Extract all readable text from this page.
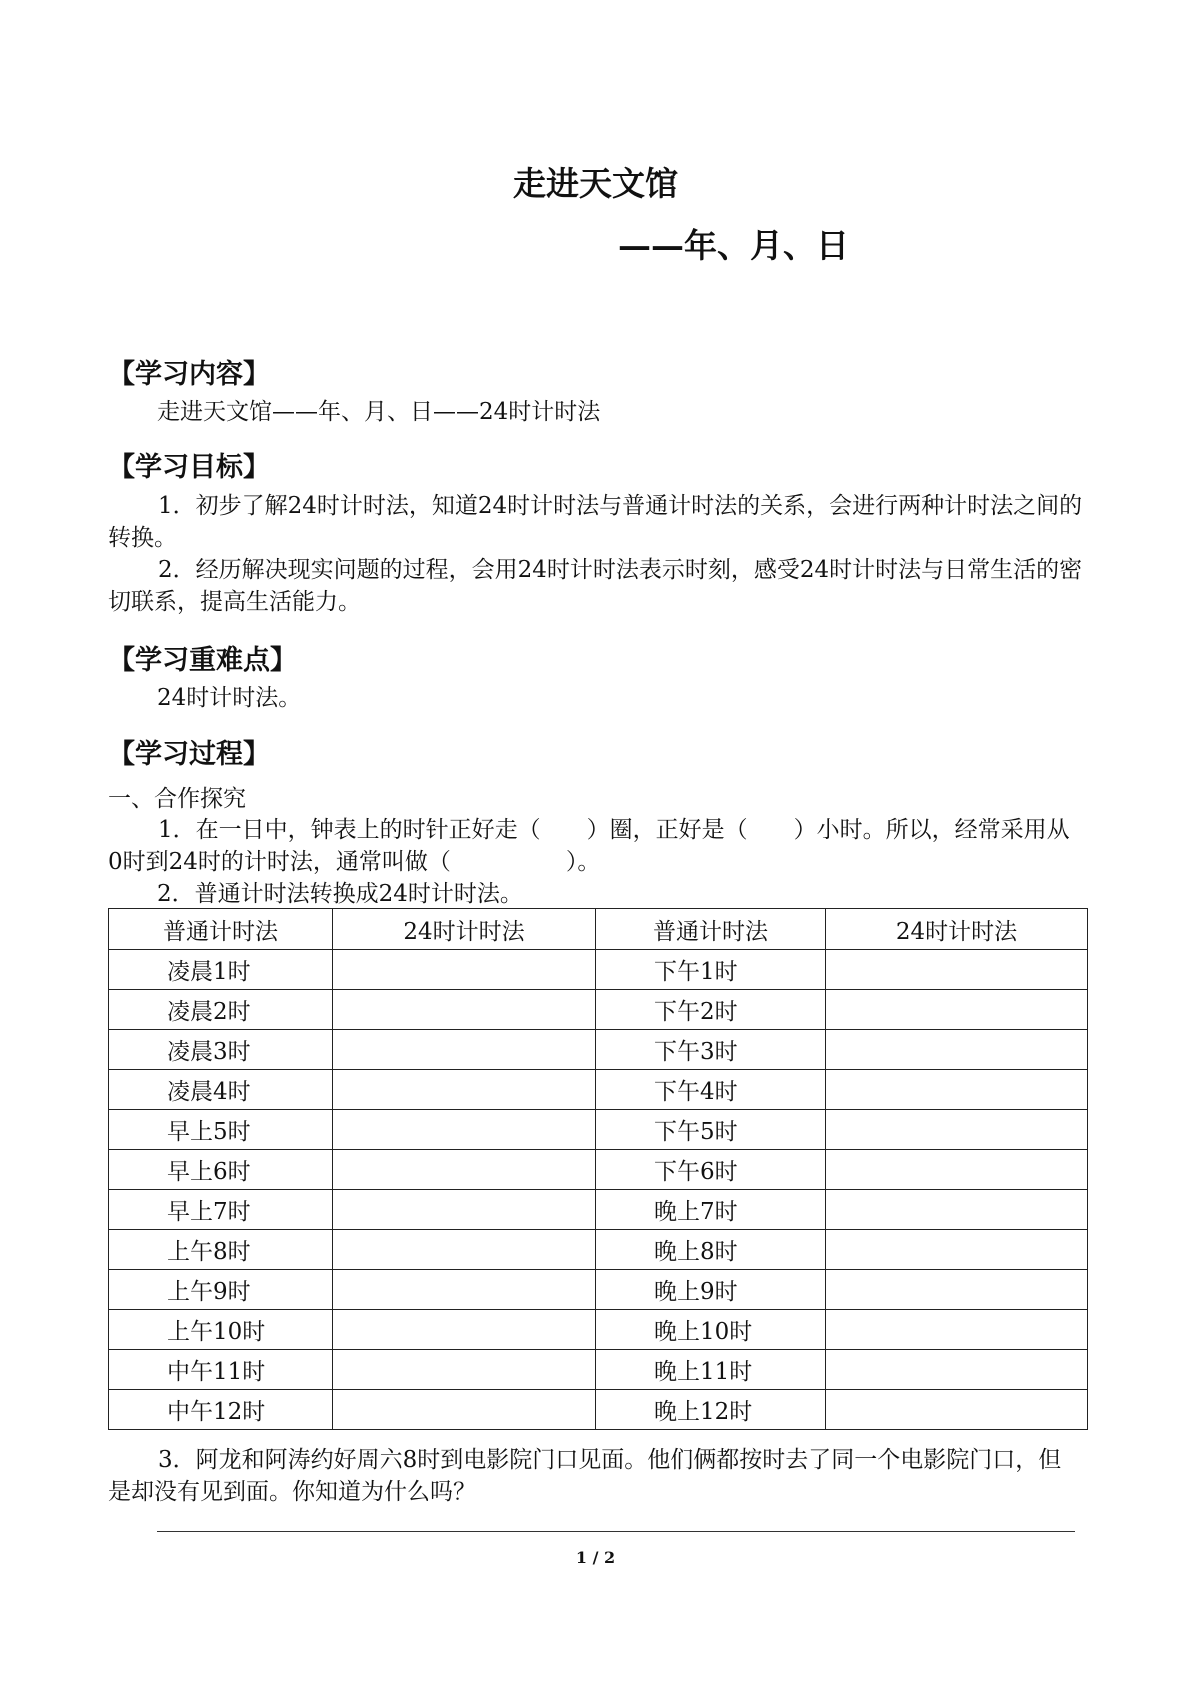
走进天文馆
——年、月、日
【学习内容】
走进天文馆——年、月、日——24时计时法
【学习目标】
1．初步了解24时计时法，知道24时计时法与普通计时法的关系，会进行两种计时法之间的转换。
2．经历解决现实问题的过程，会用24时计时法表示时刻，感受24时计时法与日常生活的密切联系，提高生活能力。
【学习重难点】
24时计时法。
【学习过程】
一、合作探究
1．在一日中，钟表上的时针正好走（　　）圈，正好是（　　）小时。所以，经常采用从0时到24时的计时法，通常叫做（　　　　　）。
2．普通计时法转换成24时计时法。
普通计时法	24时计时法	普通计时法	24时计时法
凌晨1时		下午1时	
凌晨2时		下午2时	
凌晨3时		下午3时	
凌晨4时		下午4时	
早上5时		下午5时	
早上6时		下午6时	
早上7时		晚上7时	
上午8时		晚上8时	
上午9时		晚上9时	
上午10时		晚上10时	
中午11时		晚上11时	
中午12时		晚上12时	
3．阿龙和阿涛约好周六8时到电影院门口见面。他们俩都按时去了同一个电影院门口，但是却没有见到面。你知道为什么吗？
1 / 2
